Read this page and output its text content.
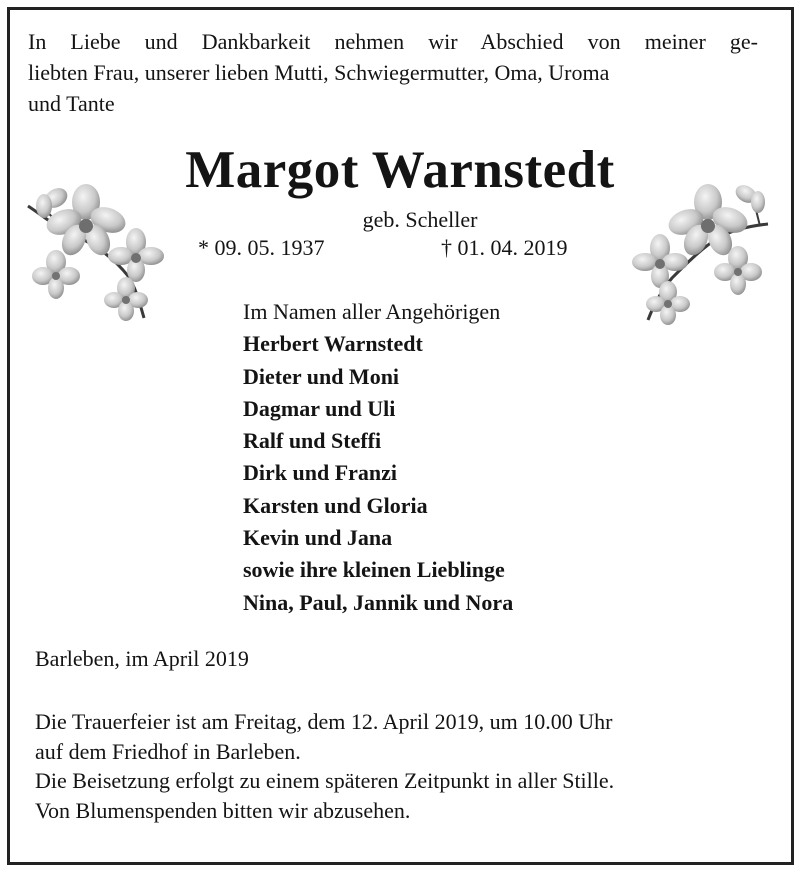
In Liebe und Dankbarkeit nehmen wir Abschied von meiner ge-
liebten Frau, unserer lieben Mutti, Schwiegermutter, Oma, Uroma
und Tante
Margot Warnstedt
geb. Scheller
* 09. 05. 1937	† 01. 04. 2019
Im Namen aller Angehörigen
Herbert Warnstedt
Dieter und Moni
Dagmar und Uli
Ralf und Steffi
Dirk und Franzi
Karsten und Gloria
Kevin und Jana
sowie ihre kleinen Lieblinge
Nina, Paul, Jannik und Nora
Barleben, im April 2019
Die Trauerfeier ist am Freitag, dem 12. April 2019, um 10.00 Uhr
auf dem Friedhof in Barleben.
Die Beisetzung erfolgt zu einem späteren Zeitpunkt in aller Stille.
Von Blumenspenden bitten wir abzusehen.
